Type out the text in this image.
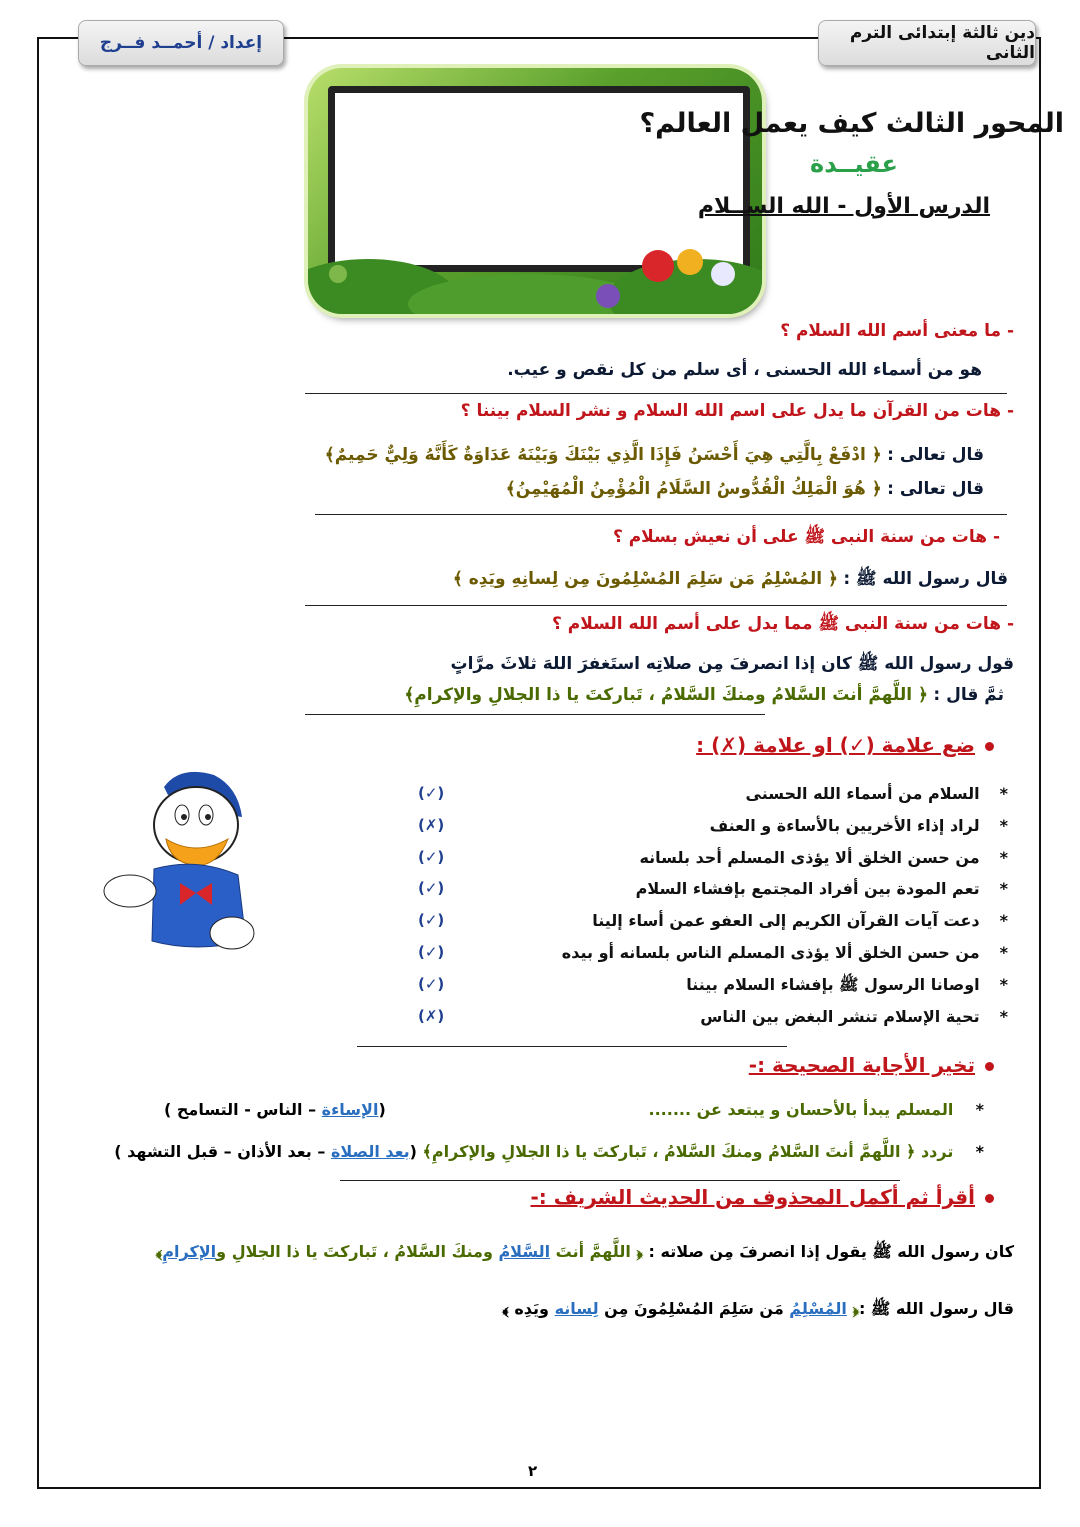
دين ثالثة إبتدائى الترم الثانى
إعداد / أحمــد فــرج
المحور الثالث كيف يعمل العالم؟
عقيــدة
الدرس الأول - الله الســلام
- ما معنى أسم الله السلام ؟
هو من أسماء الله الحسنى ، أى سلم من كل نقص و عيب.
- هات من القرآن ما يدل على اسم الله السلام و نشر السلام بيننا ؟
قال تعالى : ﴿ ادْفَعْ بِالَّتِي هِيَ أَحْسَنُ فَإِذَا الَّذِي بَيْنَكَ وَبَيْنَهُ عَدَاوَةٌ كَأَنَّهُ وَلِيٌّ حَمِيمٌ﴾
قال تعالى : ﴿ هُوَ الْمَلِكُ الْقُدُّوسُ السَّلَامُ الْمُؤْمِنُ الْمُهَيْمِنُ﴾
- هات من سنة النبى ﷺ على أن نعيش بسلام ؟
قال رسول الله ﷺ : ﴿ المُسْلِمُ مَن سَلِمَ المُسْلِمُونَ مِن لِسانِهِ ويَدِه ﴾
- هات من سنة النبى ﷺ مما يدل على أسم الله السلام ؟
قول رسول الله ﷺ كان إذا انصرفَ مِن صلاتِه استَغفرَ اللهَ ثلاثَ مرَّاتٍ
ثمَّ قال : ﴿ اللَّهمَّ أنتَ السَّلامُ ومنكَ السَّلامُ ، تَباركتَ يا ذا الجلالِ والإكرامِ﴾
ضع علامة (✓) او علامة (✗) :
*السلام من أسماء الله الحسنى
(✓)
*لراد إذاء الأخريين بالأساءة و العنف
(✗)
*من حسن الخلق ألا يؤذى المسلم أحد بلسانه
(✓)
*تعم المودة بين أفراد المجتمع بإفشاء السلام
(✓)
*دعت آيات القرآن الكريم إلى العفو عمن أساء إلينا
(✓)
*من حسن الخلق ألا يؤذى المسلم الناس بلسانه أو بيده
(✓)
*اوصانا الرسول ﷺ بإفشاء السلام بيننا
(✓)
*تحية الإسلام تنشر البغض بين الناس
(✗)
تخير الأجابة الصحيحة :-
*    المسلم يبدأ بالأحسان و يبتعد عن .......
(الإساءة – الناس - التسامح )
*    تردد ﴿ اللَّهمَّ أنتَ السَّلامُ ومنكَ السَّلامُ ، تَباركتَ يا ذا الجلالِ والإكرامِ﴾ (بعد الصلاة – بعد الأذان – قبل التشهد )
أقرأ ثم أكمل المحذوف من الحديث الشريف :-
كان رسول الله ﷺ يقول إذا انصرفَ مِن صلاته : ﴿ اللَّهمَّ أنتَ السَّلامُ ومنكَ السَّلامُ ، تَباركتَ يا ذا الجلالِ والإكرامِ﴾
قال رسول الله ﷺ :﴿ المُسْلِمُ مَن سَلِمَ المُسْلِمُونَ مِن لِسانه ويَدِه ﴾
٢
